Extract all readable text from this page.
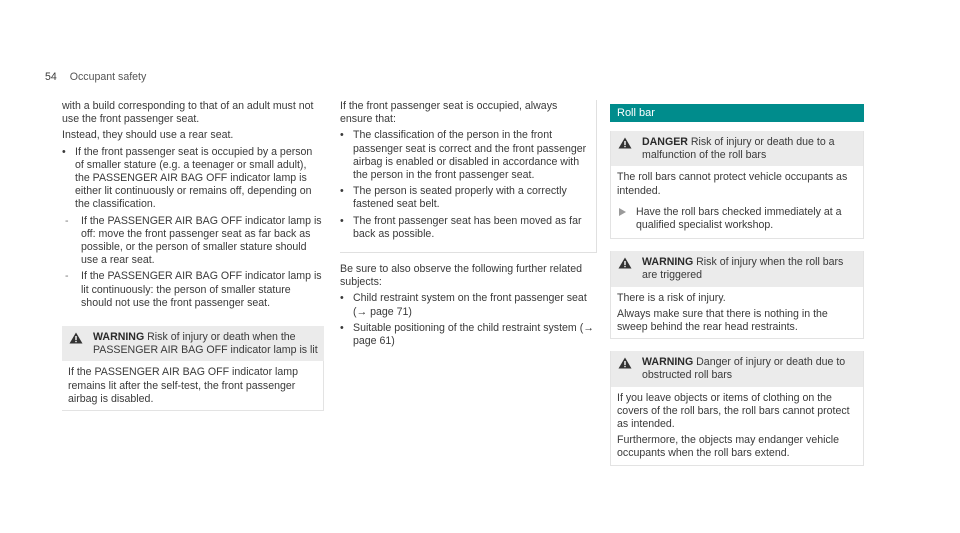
54 Occupant safety

with a build corresponding to that of an adult must not use the front passenger seat.

Instead, they should use a rear seat.

• If the front passenger seat is occupied by a person of smaller stature (e.g. a teenager or small adult), the PASSENGER AIR BAG OFF indicator lamp is either lit continuously or remains off, depending on the classification.
- If the PASSENGER AIR BAG OFF indicator lamp is off: move the front passenger seat as far back as possible, or the person of smaller stature should use a rear seat.
- If the PASSENGER AIR BAG OFF indicator lamp is lit continuously: the person of smaller stature should not use the front passenger seat.
WARNING Risk of injury or death when the PASSENGER AIR BAG OFF indicator lamp is lit
If the PASSENGER AIR BAG OFF indicator lamp remains lit after the self-test, the front passenger airbag is disabled.

If the front passenger seat is occupied, always ensure that:

• The classification of the person in the front passenger seat is correct and the front passenger airbag is enabled or disabled in accordance with the person in the front passenger seat.
• The person is seated properly with a correctly fastened seat belt.
• The front passenger seat has been moved as far back as possible.

Be sure to also observe the following further related subjects:

• Child restraint system on the front passenger seat (→ page 71)
• Suitable positioning of the child restraint system (→ page 61)
Roll bar
DANGER Risk of injury or death due to a malfunction of the roll bars

The roll bars cannot protect vehicle occupants as intended.

Have the roll bars checked immediately at a qualified specialist workshop.
WARNING Risk of injury when the roll bars are triggered

There is a risk of injury.

Always make sure that there is nothing in the sweep behind the rear head restraints.

WARNING Danger of injury or death due to obstructed roll bars

If you leave objects or items of clothing on the covers of the roll bars, the roll bars cannot protect as intended.

Furthermore, the objects may endanger vehicle occupants when the roll bars extend.
